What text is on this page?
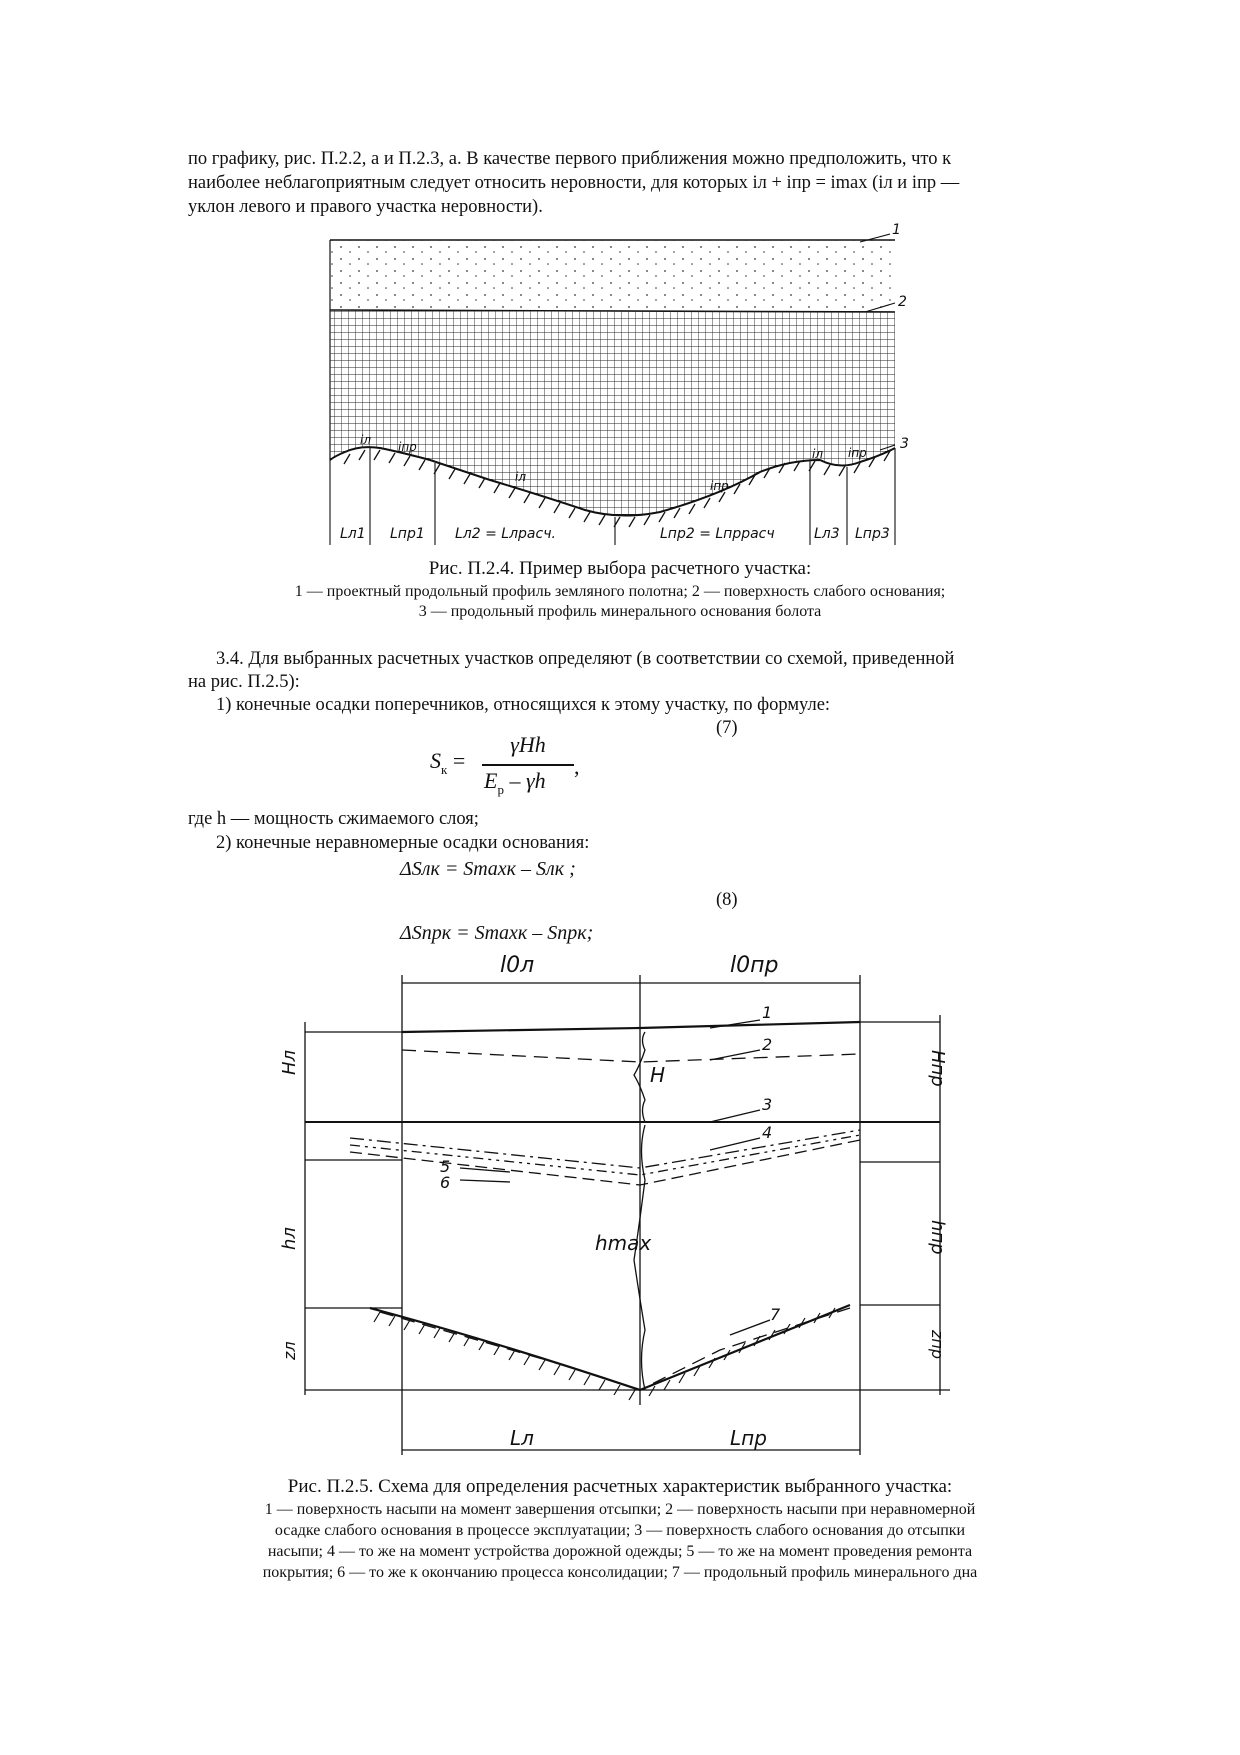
по графику, рис. П.2.2, а и П.2.3, а. В качестве первого приближения можно предположить, что к
наиболее неблагоприятным следует относить неровности, для которых iл + iпр = imax (iл и iпр —
уклон левого и правого участка неровности).
1
2
3
iл iпр
iл
iпр
iл iпр
Lл1 Lпр1 Lл2 = Lлрасч.	Lпр2 = Lпррасч	Lл3 Lпр3
Рис. П.2.4. Пример выбора расчетного участка:
1 — проектный продольный профиль земляного полотна; 2 — поверхность слабого основания;
3 — продольный профиль минерального основания болота
3.4. Для выбранных расчетных участков определяют (в соответствии со схемой, приведенной
на рис. П.2.5):
1) конечные осадки поперечников, относящихся к этому участку, по формуле:
(7)
$S_к$ =
γHh
$E_р$ – γh
,
где h — мощность сжимаемого слоя;
2) конечные неравномерные осадки основания:
ΔSлк = Smaxк – Sлк ;
(8)
ΔSпрк = Smaxк – Sпрк;
l0л	l0пр
1
2
3
4
5
6
7
H
hmax
Hл	Hпр
hл	hпр
zл	zпр
Lл	Lпр
Рис. П.2.5. Схема для определения расчетных характеристик выбранного участка:
1 — поверхность насыпи на момент завершения отсыпки; 2 — поверхность насыпи при неравномерной
осадке слабого основания в процессе эксплуатации; 3 — поверхность слабого основания до отсыпки
насыпи; 4 — то же на момент устройства дорожной одежды; 5 — то же на момент проведения ремонта
покрытия; 6 — то же к окончанию процесса консолидации; 7 — продольный профиль минерального дна
